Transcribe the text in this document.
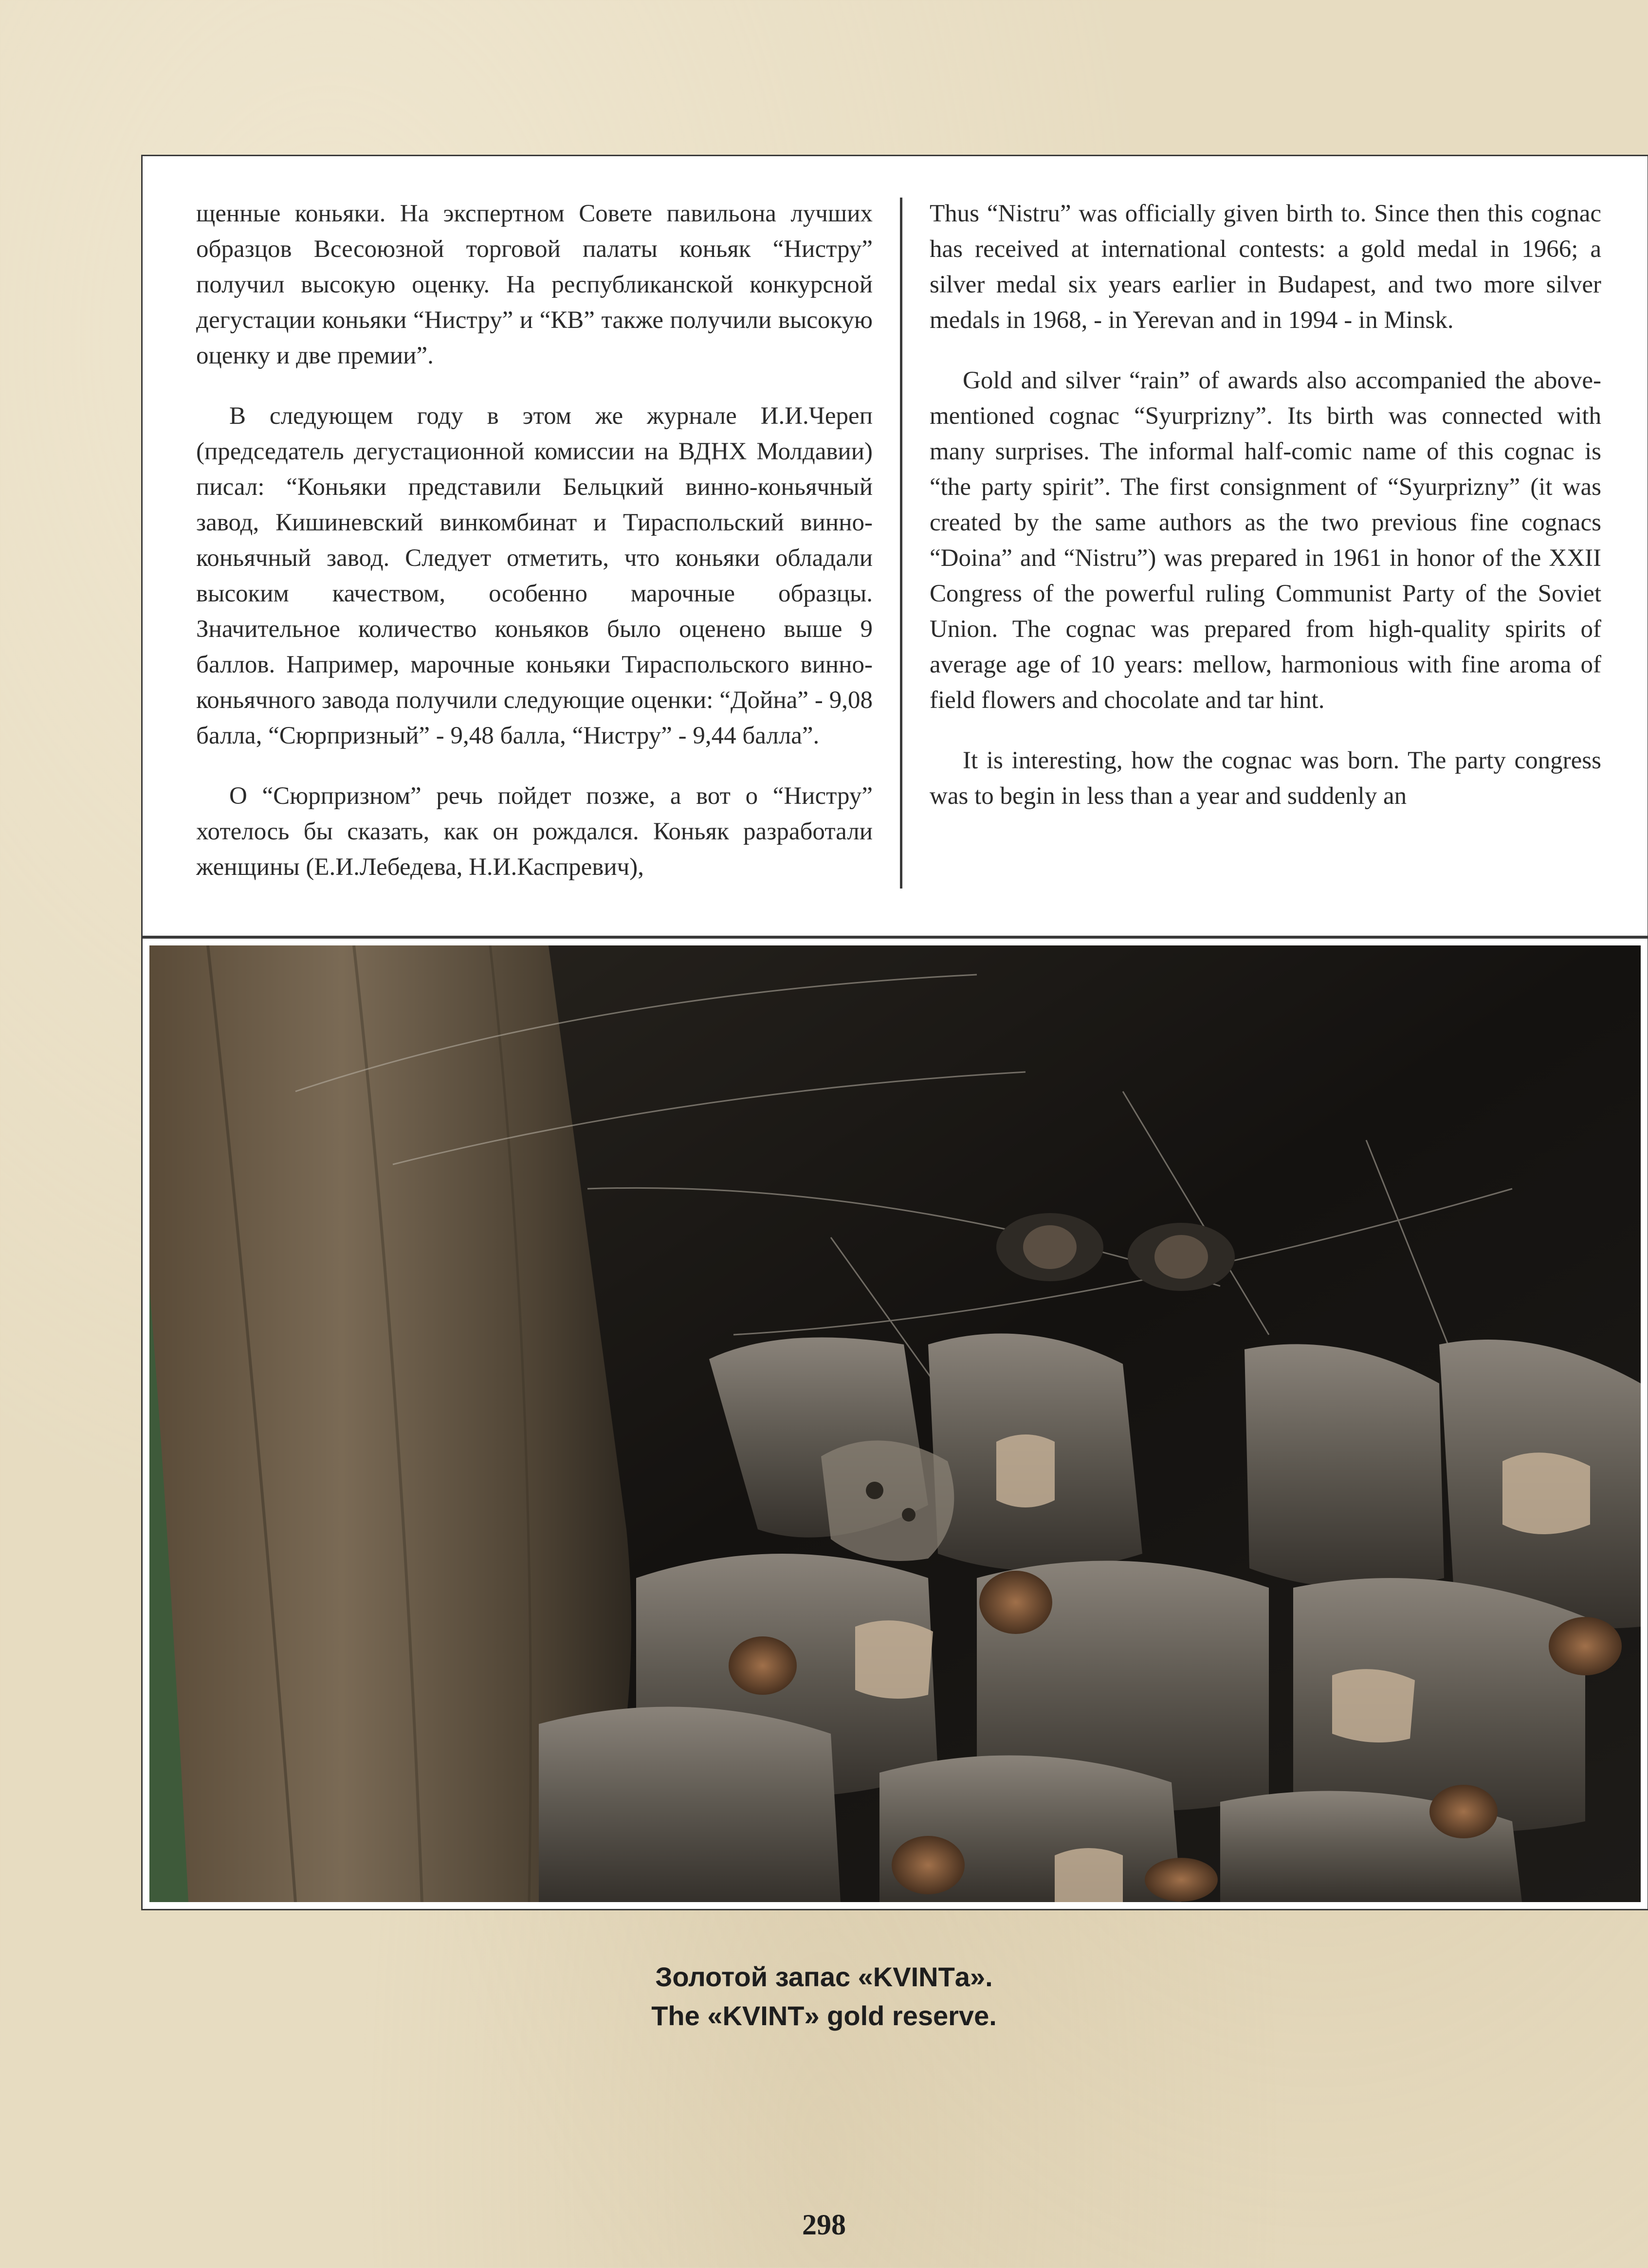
щенные коньяки. На экспертном Совете павильона лучших образцов Всесоюзной торговой палаты коньяк “Нистру” получил высокую оценку. На республиканской конкурсной дегустации коньяки “Нистру” и “КВ” также получили высокую оценку и две премии”.

В следующем году в этом же журнале И.И.Череп (председатель дегустационной комиссии на ВДНХ Молдавии) писал: “Коньяки представили Бельцкий винно-коньячный завод, Кишиневский винкомбинат и Тираспольский винно-коньячный завод. Следует отметить, что коньяки обладали высоким качеством, особенно марочные образцы. Значительное количество коньяков было оценено выше 9 баллов. Например, марочные коньяки Тираспольского винно-коньячного завода получили следующие оценки: “Дойна” - 9,08 балла, “Сюрпризный” - 9,48 балла, “Нистру” - 9,44 балла”.

О “Сюрпризном” речь пойдет позже, а вот о “Нистру” хотелось бы сказать, как он рождался. Коньяк разработали женщины (Е.И.Лебедева, Н.И.Каспревич),

Thus “Nistru” was officially given birth to. Since then this cognac has received at international contests: a gold medal in 1966; a silver medal six years earlier in Budapest, and two more silver medals in 1968, - in Yerevan and in 1994 - in Minsk.

Gold and silver “rain” of awards also accompanied the above-mentioned cognac “Syurprizny”. Its birth was connected with many surprises. The informal half-comic name of this cognac is “the party spirit”. The first consignment of “Syurprizny” (it was created by the same authors as the two previous fine cognacs “Doina” and “Nistru”) was prepared in 1961 in honor of the XXII Congress of the powerful ruling Communist Party of the Soviet Union. The cognac was prepared from high-quality spirits of average age of 10 years: mellow, harmonious with fine aroma of field flowers and chocolate and tar hint.

It is interesting, how the cognac was born. The party congress was to begin in less than a year and suddenly an

Золотой запас «KVINTа».
The «KVINT» gold reserve.
298
